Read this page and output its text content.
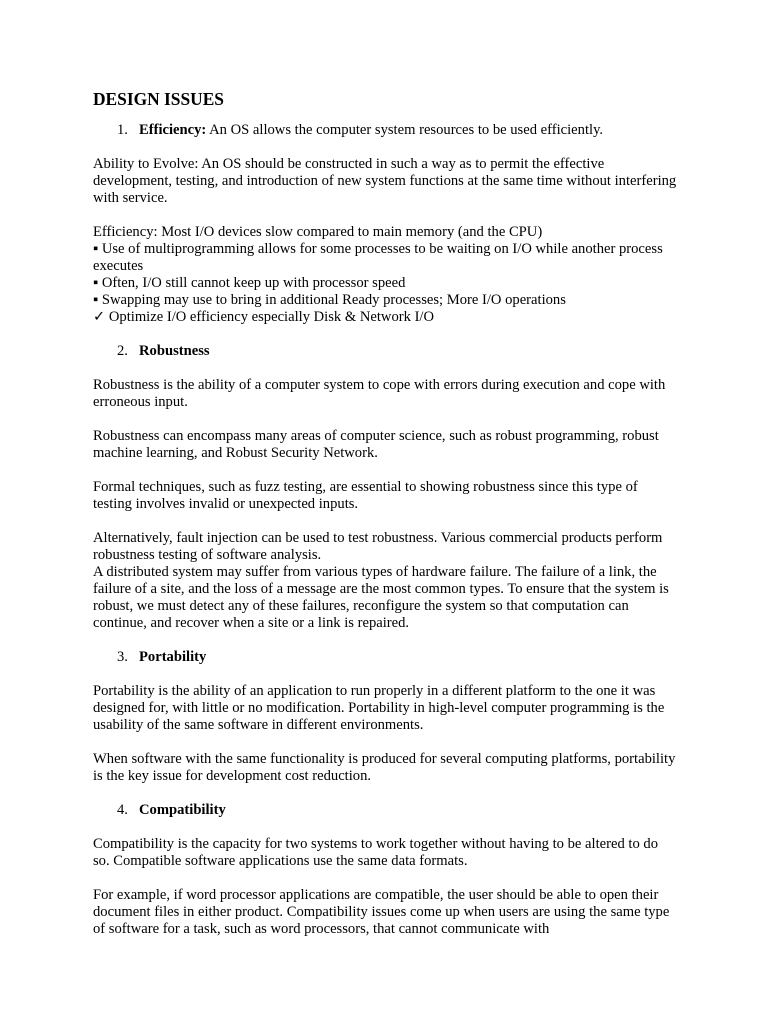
DESIGN ISSUES
1. Efficiency: An OS allows the computer system resources to be used efficiently.

Ability to Evolve: An OS should be constructed in such a way as to permit the effective development, testing, and introduction of new system functions at the same time without interfering with service.

Efficiency: Most I/O devices slow compared to main memory (and the CPU)

▪ Use of multiprogramming allows for some processes to be waiting on I/O while another process executes

▪ Often, I/O still cannot keep up with processor speed

▪ Swapping may use to bring in additional Ready processes; More I/O operations

✓ Optimize I/O efficiency especially Disk & Network I/O

2. Robustness

Robustness is the ability of a computer system to cope with errors during execution and cope with erroneous input.

Robustness can encompass many areas of computer science, such as robust programming, robust machine learning, and Robust Security Network.

Formal techniques, such as fuzz testing, are essential to showing robustness since this type of testing involves invalid or unexpected inputs.

Alternatively, fault injection can be used to test robustness. Various commercial products perform robustness testing of software analysis.

A distributed system may suffer from various types of hardware failure. The failure of a link, the failure of a site, and the loss of a message are the most common types. To ensure that the system is robust, we must detect any of these failures, reconfigure the system so that computation can continue, and recover when a site or a link is repaired.

3. Portability

Portability is the ability of an application to run properly in a different platform to the one it was designed for, with little or no modification. Portability in high-level computer programming is the usability of the same software in different environments.

When software with the same functionality is produced for several computing platforms, portability is the key issue for development cost reduction.

4. Compatibility

Compatibility is the capacity for two systems to work together without having to be altered to do so. Compatible software applications use the same data formats.

For example, if word processor applications are compatible, the user should be able to open their document files in either product. Compatibility issues come up when users are using the same type of software for a task, such as word processors, that cannot communicate with
